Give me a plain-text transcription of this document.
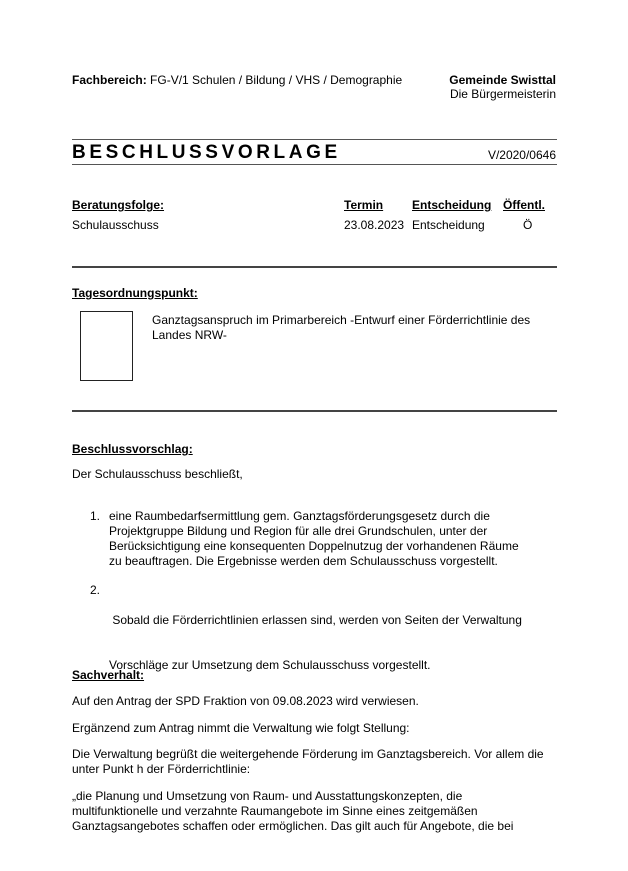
Fachbereich: FG-V/1 Schulen / Bildung / VHS / Demographie	Gemeinde Swisttal
Die Bürgermeisterin
BESCHLUSSVORLAGE	V/2020/0646
Beratungsfolge:	Termin Entscheidung Öffentl.
Schulausschuss	23.08.2023 Entscheidung	Ö
Tagesordnungspunkt:
Ganztagsanspruch im Primarbereich -Entwurf einer Förderrichtlinie des
Landes NRW-
Beschlussvorschlag:
Der Schulausschuss beschließt,
1. eine Raumbedarfsermittlung gem. Ganztagsförderungsgesetz durch die
Projektgruppe Bildung und Region für alle drei Grundschulen, unter der
Berücksichtigung eine konsequenten Doppelnutzug der vorhandenen Räume
zu beauftragen. Die Ergebnisse werden dem Schulausschuss vorgestellt.
2.

Sobald die Förderrichtlinien erlassen sind, werden von Seiten der Verwaltung

Vorschläge zur Umsetzung dem Schulausschuss vorgestellt.

Sachverhalt:
Auf den Antrag der SPD Fraktion von 09.08.2023 wird verwiesen.
Ergänzend zum Antrag nimmt die Verwaltung wie folgt Stellung:
Die Verwaltung begrüßt die weitergehende Förderung im Ganztagsbereich. Vor allem die
unter Punkt h der Förderrichtlinie:
„die Planung und Umsetzung von Raum- und Ausstattungskonzepten, die
multifunktionelle und verzahnte Raumangebote im Sinne eines zeitgemäßen
Ganztagsangebotes schaffen oder ermöglichen. Das gilt auch für Angebote, die bei
